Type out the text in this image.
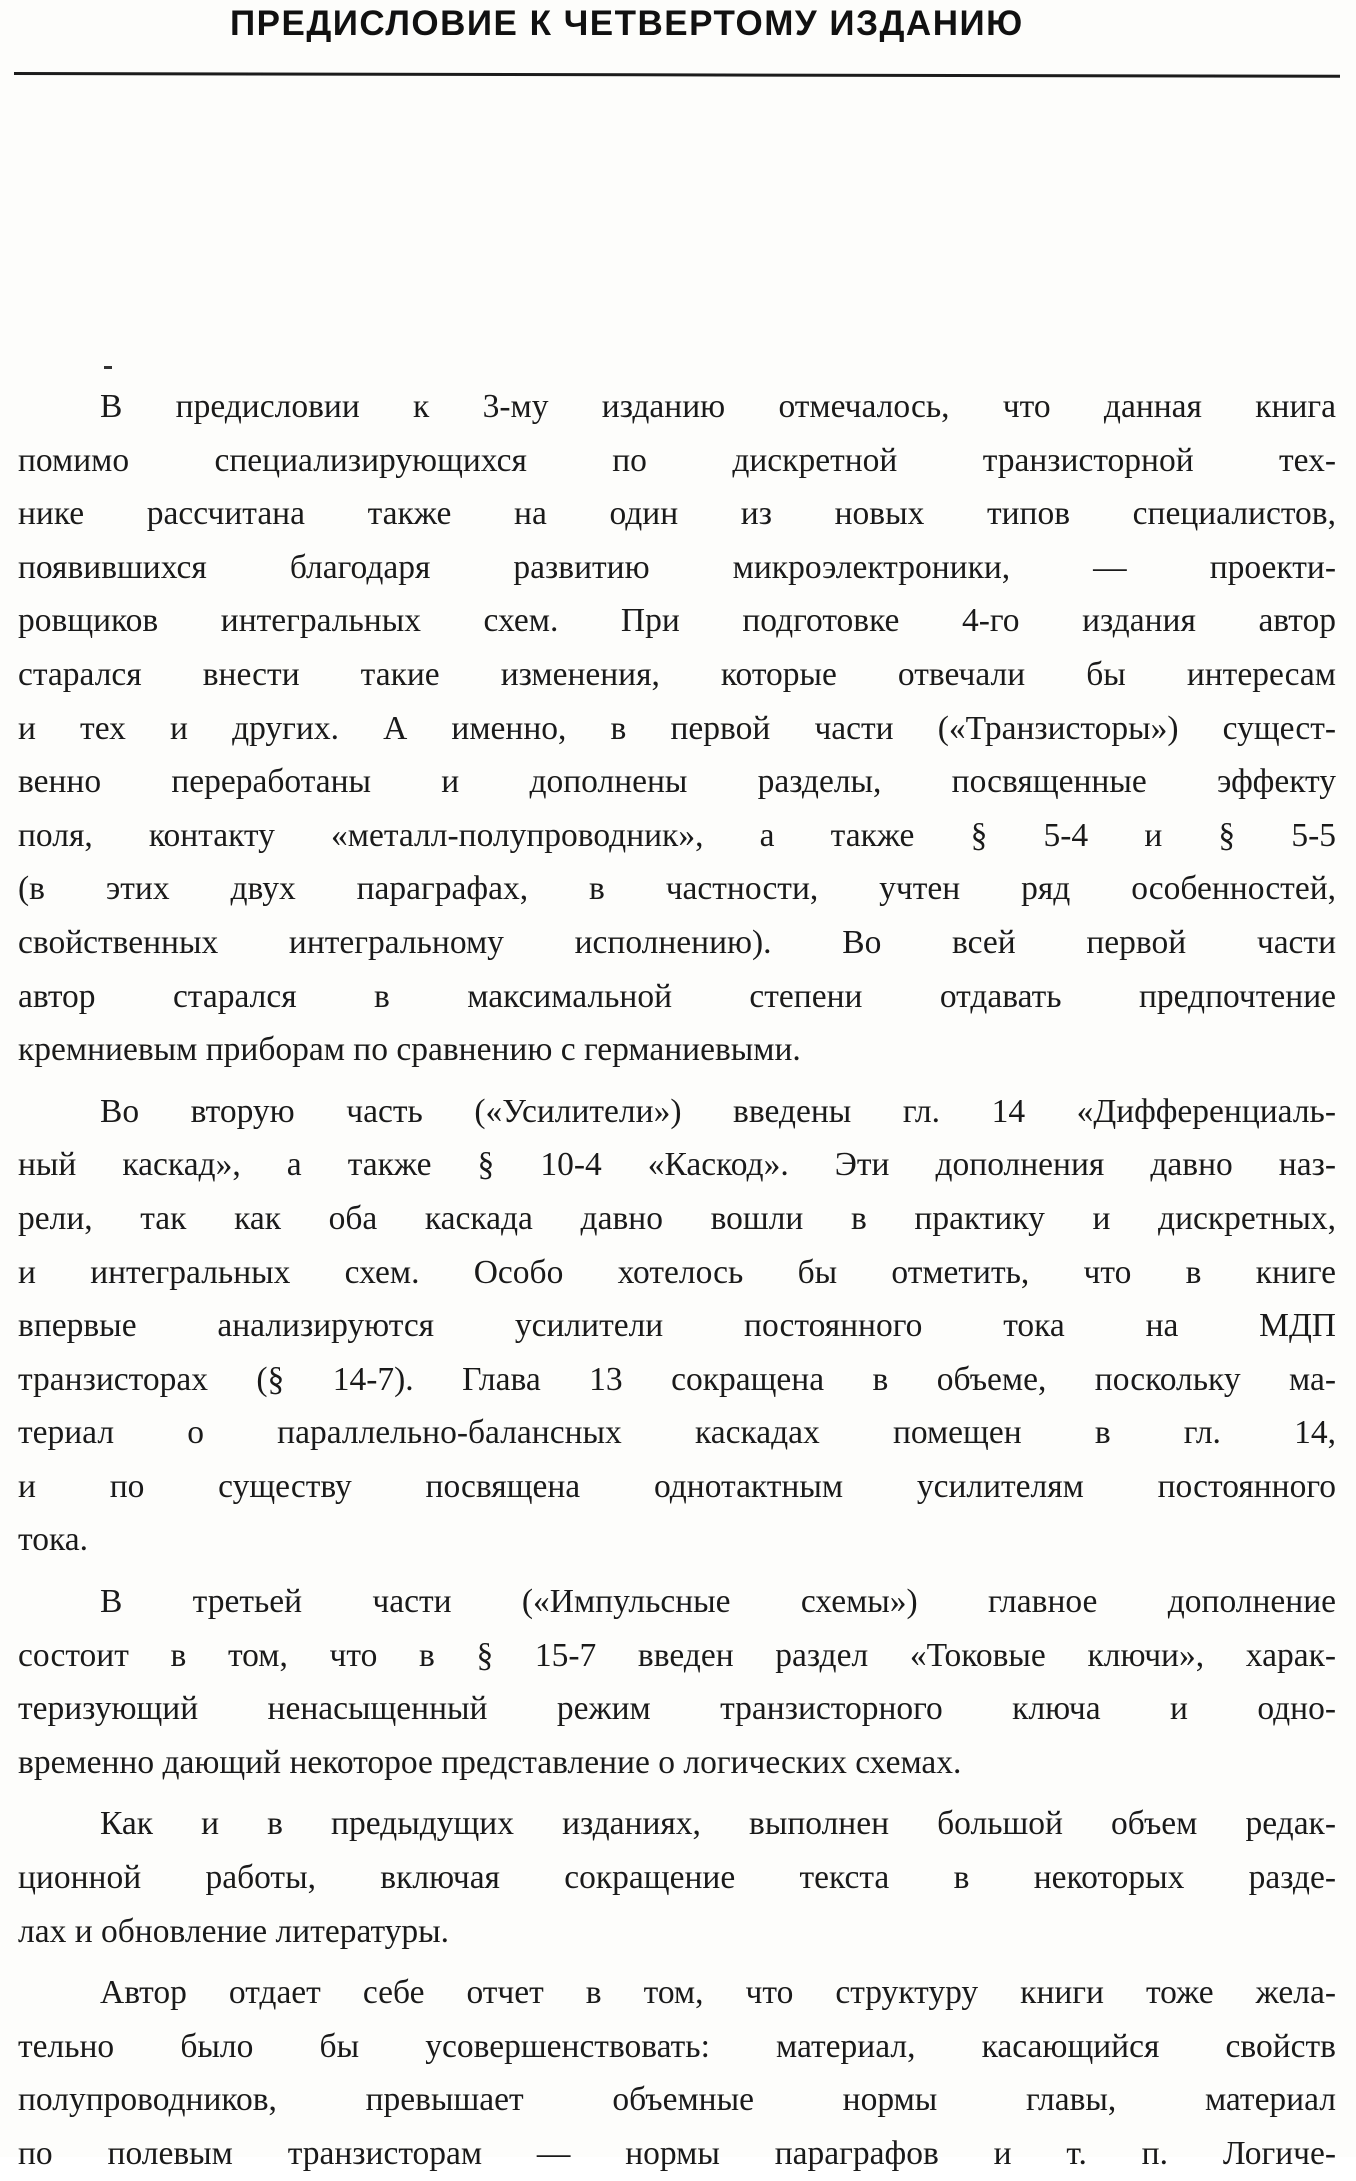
ПРЕДИСЛОВИЕ К ЧЕТВЕРТОМУ ИЗДАНИЮ

В предисловии к 3-му изданию отмечалось, что данная книга
помимо специализирующихся по дискретной транзисторной тех-
нике рассчитана также на один из новых типов специалистов,
появившихся благодаря развитию микроэлектроники, — проекти-
ровщиков интегральных схем. При подготовке 4-го издания автор
старался внести такие изменения, которые отвечали бы интересам
и тех и других. А именно, в первой части («Транзисторы») сущест-
венно переработаны и дополнены разделы, посвященные эффекту
поля, контакту «металл-полупроводник», а также § 5-4 и § 5-5
(в этих двух параграфах, в частности, учтен ряд особенностей,
свойственных интегральному исполнению). Во всей первой части
автор старался в максимальной степени отдавать предпочтение
кремниевым приборам по сравнению с германиевыми.

Во вторую часть («Усилители») введены гл. 14 «Дифференциаль-
ный каскад», а также § 10-4 «Каскод». Эти дополнения давно наз-
рели, так как оба каскада давно вошли в практику и дискретных,
и интегральных схем. Особо хотелось бы отметить, что в книге
впервые анализируются усилители постоянного тока на МДП
транзисторах (§ 14-7). Глава 13 сокращена в объеме, поскольку ма-
териал о параллельно-балансных каскадах помещен в гл. 14,
и по существу посвящена однотактным усилителям постоянного
тока.

В третьей части («Импульсные схемы») главное дополнение
состоит в том, что в § 15-7 введен раздел «Токовые ключи», харак-
теризующий ненасыщенный режим транзисторного ключа и одно-
временно дающий некоторое представление о логических схемах.

Как и в предыдущих изданиях, выполнен большой объем редак-
ционной работы, включая сокращение текста в некоторых разде-
лах и обновление литературы.

Автор отдает себе отчет в том, что структуру книги тоже жела-
тельно было бы усовершенствовать: материал, касающийся свойств
полупроводников, превышает объемные нормы главы, материал
по полевым транзисторам — нормы параграфов и т. п. Логиче-
